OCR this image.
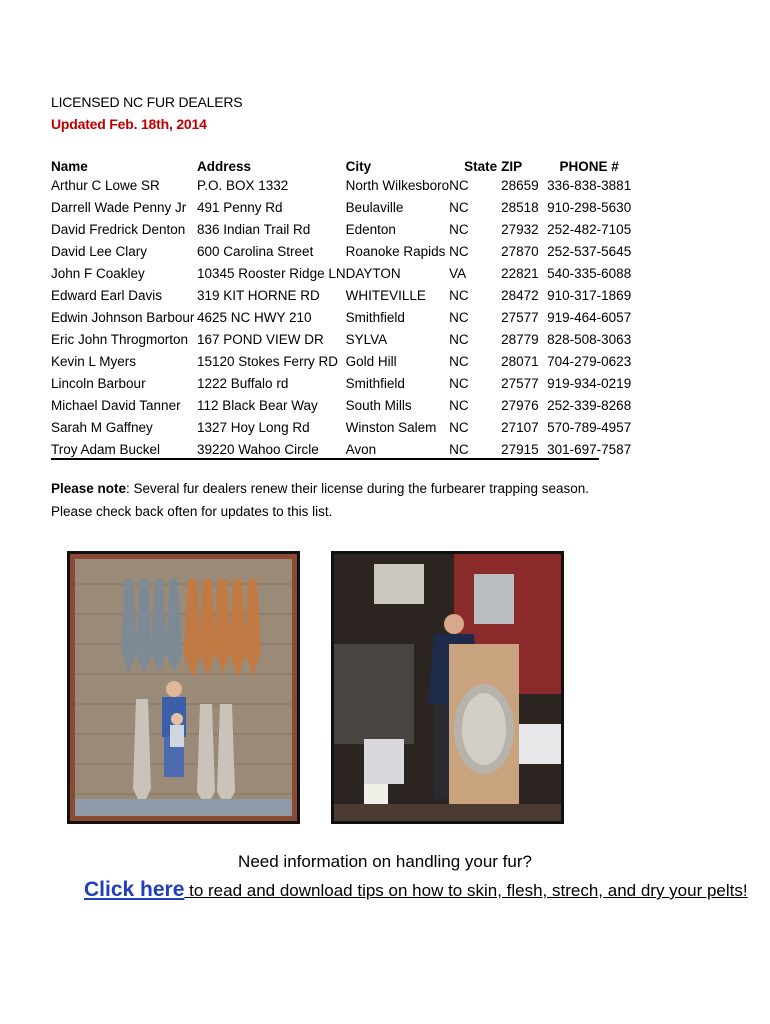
LICENSED NC FUR DEALERS
Updated Feb. 18th, 2014
Name	Address	City	State	ZIP	PHONE #
Arthur C Lowe SR	P.O. BOX 1332	North Wilkesboro	NC	28659	336-838-3881
Darrell Wade Penny Jr	491 Penny Rd	Beulaville	NC	28518	910-298-5630
David Fredrick Denton	836 Indian Trail Rd	Edenton	NC	27932	252-482-7105
David Lee Clary	600 Carolina Street	Roanoke Rapids	NC	27870	252-537-5645
John F Coakley	10345 Rooster Ridge LN	DAYTON	VA	22821	540-335-6088
Edward Earl Davis	319 KIT HORNE RD	WHITEVILLE	NC	28472	910-317-1869
Edwin Johnson Barbour	4625 NC HWY 210	Smithfield	NC	27577	919-464-6057
Eric John Throgmorton	167 POND VIEW DR	SYLVA	NC	28779	828-508-3063
Kevin L Myers	15120 Stokes Ferry RD	Gold Hill	NC	28071	704-279-0623
Lincoln Barbour	1222 Buffalo rd	Smithfield	NC	27577	919-934-0219
Michael David Tanner	112 Black Bear Way	South Mills	NC	27976	252-339-8268
Sarah M Gaffney	1327 Hoy Long Rd	Winston Salem	NC	27107	570-789-4957
Troy Adam Buckel	39220 Wahoo Circle	Avon	NC	27915	301-697-7587
Please note: Several fur dealers renew their license during the furbearer trapping season.
Please check back often for updates to this list.
Need information on handling your fur?
Click here to read and download tips on how to skin, flesh, strech, and dry your pelts!
